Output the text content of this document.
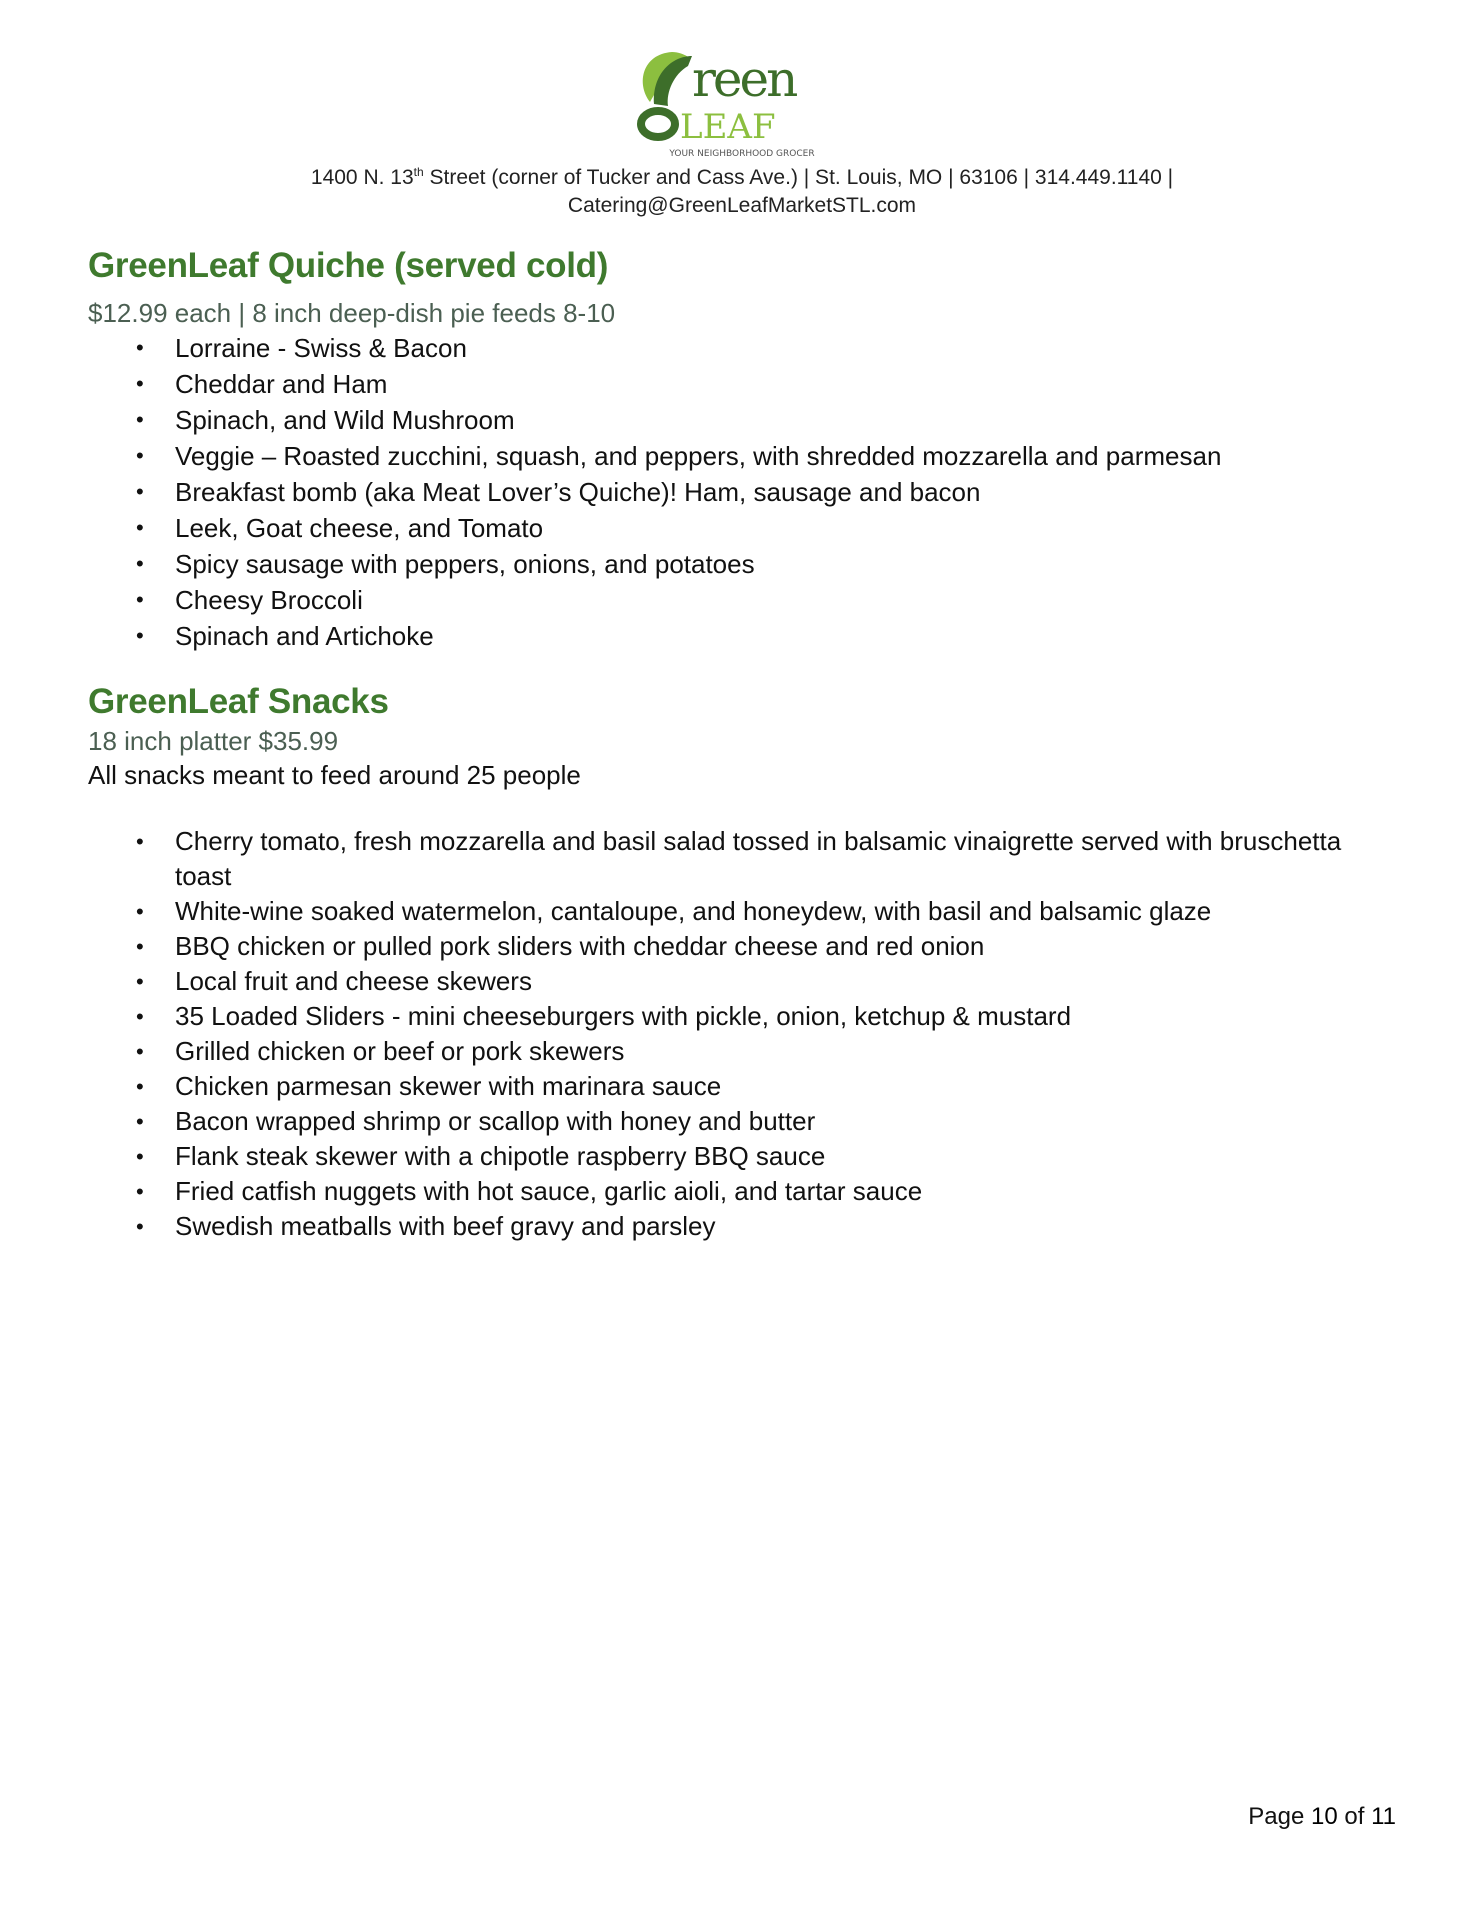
reen
LEAF
YOUR NEIGHBORHOOD GROCER
1400 N. 13th Street (corner of Tucker and Cass Ave.) | St. Louis, MO | 63106 | 314.449.1140 |
Catering@GreenLeafMarketSTL.com
GreenLeaf Quiche (served cold)
$12.99 each | 8 inch deep-dish pie feeds 8-10
• Lorraine - Swiss & Bacon
• Cheddar and Ham
• Spinach, and Wild Mushroom
• Veggie – Roasted zucchini, squash, and peppers, with shredded mozzarella and parmesan
• Breakfast bomb (aka Meat Lover’s Quiche)! Ham, sausage and bacon
• Leek, Goat cheese, and Tomato
• Spicy sausage with peppers, onions, and potatoes
• Cheesy Broccoli
• Spinach and Artichoke
GreenLeaf Snacks
18 inch platter $35.99
All snacks meant to feed around 25 people
• Cherry tomato, fresh mozzarella and basil salad tossed in balsamic vinaigrette served with bruschetta toast
• White-wine soaked watermelon, cantaloupe, and honeydew, with basil and balsamic glaze
• BBQ chicken or pulled pork sliders with cheddar cheese and red onion
• Local fruit and cheese skewers
• 35 Loaded Sliders - mini cheeseburgers with pickle, onion, ketchup & mustard
• Grilled chicken or beef or pork skewers
• Chicken parmesan skewer with marinara sauce
• Bacon wrapped shrimp or scallop with honey and butter
• Flank steak skewer with a chipotle raspberry BBQ sauce
• Fried catfish nuggets with hot sauce, garlic aioli, and tartar sauce
• Swedish meatballs with beef gravy and parsley
Page 10 of 11
